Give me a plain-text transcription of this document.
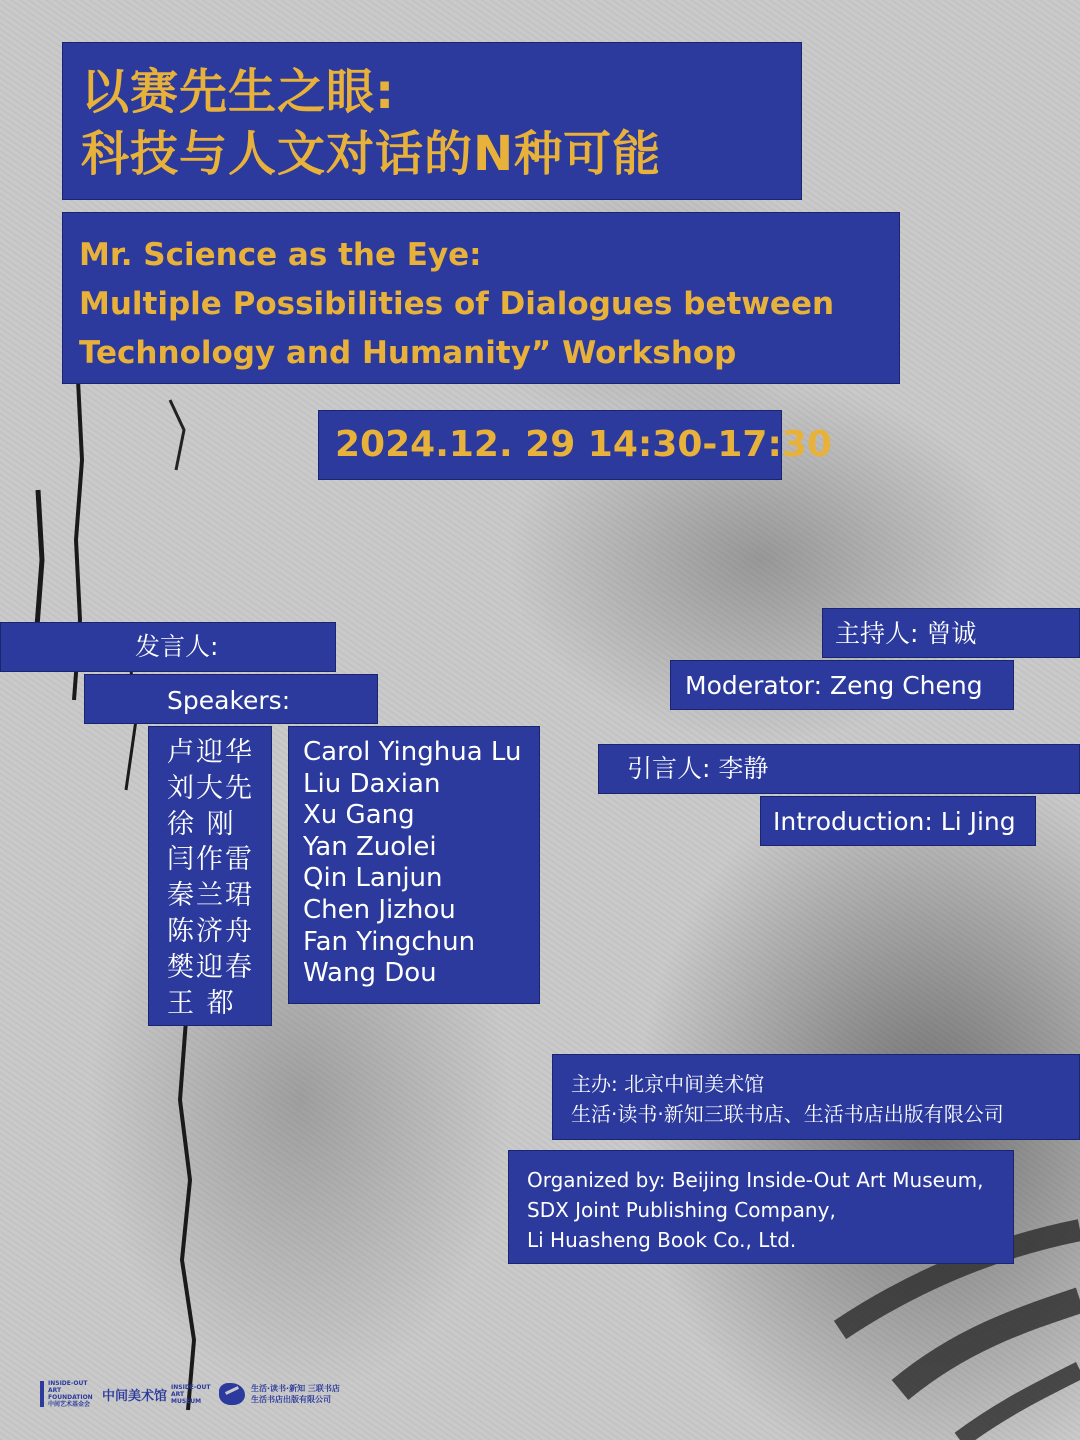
以赛先生之眼:
科技与人文对话的N种可能
Mr. Science as the Eye:
Multiple Possibilities of Dialogues between
Technology and Humanity” Workshop
2024.12. 29 14:30-17:30
发言人:
Speakers:
卢迎华
刘大先
徐 刚
闫作雷
秦兰珺
陈济舟
樊迎春
王 都
Carol Yinghua Lu
Liu Daxian
Xu Gang
Yan Zuolei
Qin Lanjun
Chen Jizhou
Fan Yingchun
Wang Dou
主持人: 曾诚
Moderator: Zeng Cheng
引言人: 李静
Introduction: Li Jing
主办: 北京中间美术馆
生活·读书·新知三联书店、生活书店出版有限公司
Organized by: Beijing Inside-Out Art Museum,
SDX Joint Publishing Company,
Li Huasheng Book Co., Ltd.
INSIDE-OUT ART FOUNDATION
中间艺术基金会
中间美术馆
INSIDE-OUT ART MUSEUM
生活·读书·新知 三联书店
生活书店出版有限公司
